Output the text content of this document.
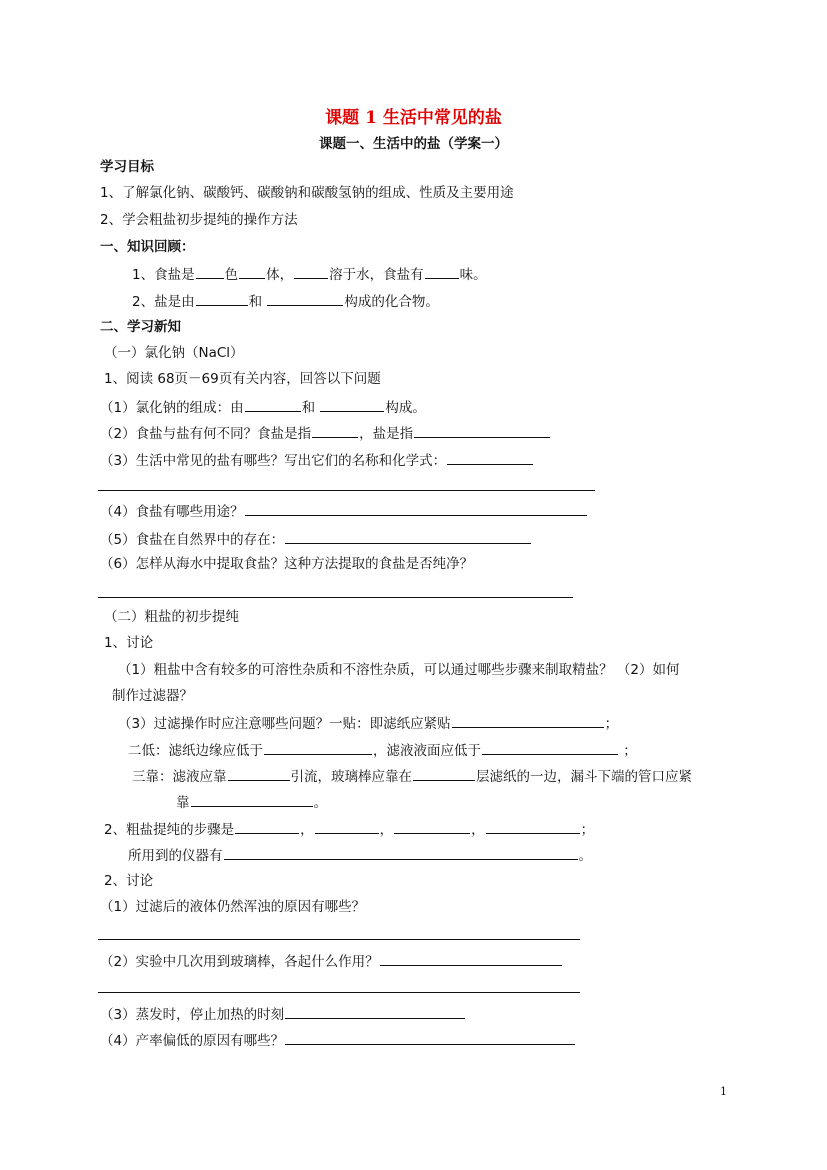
课题 1 生活中常见的盐
课题一、生活中的盐（学案一）
学习目标
1、了解氯化钠、碳酸钙、碳酸钠和碳酸氢钠的组成、性质及主要用途
2、学会粗盐初步提纯的操作方法
一、知识回顾：
1、食盐是 色 体，	溶于水，食盐有	味。
2、盐是由	和	构成的化合物。
二、学习新知
（一）氯化钠（NaCl）
1、阅读 68页－69页有关内容，回答以下问题
（1）氯化钠的组成：由	和	构成。
（2）食盐与盐有何不同？食盐是指	，盐是指
（3）生活中常见的盐有哪些？写出它们的名称和化学式：
（4）食盐有哪些用途？
（5）食盐在自然界中的存在：
（6）怎样从海水中提取食盐？这种方法提取的食盐是否纯净？
（二）粗盐的初步提纯
1、讨论
（1）粗盐中含有较多的可溶性杂质和不溶性杂质，可以通过哪些步骤来制取精盐？ （2）如何
制作过滤器？
（3）过滤操作时应注意哪些问题？一贴：即滤纸应紧贴	；
二低：滤纸边缘应低于	，滤液液面应低于	；
三靠：滤液应靠	引流，玻璃棒应靠在	层滤纸的一边，漏斗下端的管口应紧
靠	。
2、粗盐提纯的步骤是	，	，	，	；
所用到的仪器有	。
2、讨论
（1）过滤后的液体仍然浑浊的原因有哪些？
（2）实验中几次用到玻璃棒，各起什么作用？
（3）蒸发时，停止加热的时刻
（4）产率偏低的原因有哪些？
1
